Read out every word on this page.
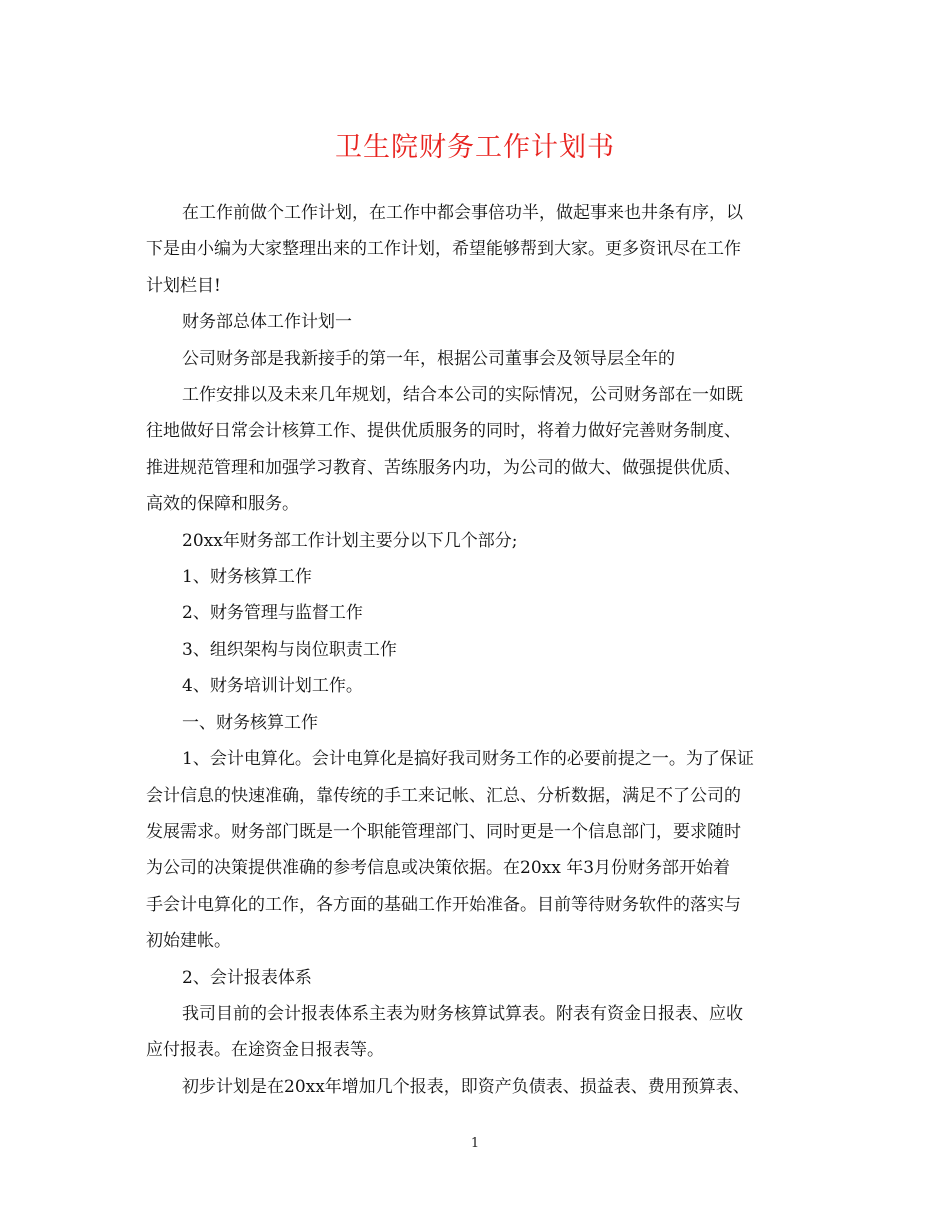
卫生院财务工作计划书

在工作前做个工作计划，在工作中都会事倍功半，做起事来也井条有序，以
下是由小编为大家整理出来的工作计划，希望能够帮到大家。更多资讯尽在工作
计划栏目!

财务部总体工作计划一

公司财务部是我新接手的第一年，根据公司董事会及领导层全年的

工作安排以及未来几年规划，结合本公司的实际情况，公司财务部在一如既
往地做好日常会计核算工作、提供优质服务的同时，将着力做好完善财务制度、
推进规范管理和加强学习教育、苦练服务内功，为公司的做大、做强提供优质、
高效的保障和服务。

20xx年财务部工作计划主要分以下几个部分;

1、财务核算工作

2、财务管理与监督工作

3、组织架构与岗位职责工作

4、财务培训计划工作。

一、财务核算工作

1、会计电算化。会计电算化是搞好我司财务工作的必要前提之一。为了保证
会计信息的快速准确，靠传统的手工来记帐、汇总、分析数据，满足不了公司的
发展需求。财务部门既是一个职能管理部门、同时更是一个信息部门，要求随时
为公司的决策提供准确的参考信息或决策依据。在20xx 年3月份财务部开始着
手会计电算化的工作，各方面的基础工作开始准备。目前等待财务软件的落实与
初始建帐。

2、会计报表体系

我司目前的会计报表体系主表为财务核算试算表。附表有资金日报表、应收
应付报表。在途资金日报表等。

初步计划是在20xx年增加几个报表，即资产负债表、损益表、费用预算表、

1
